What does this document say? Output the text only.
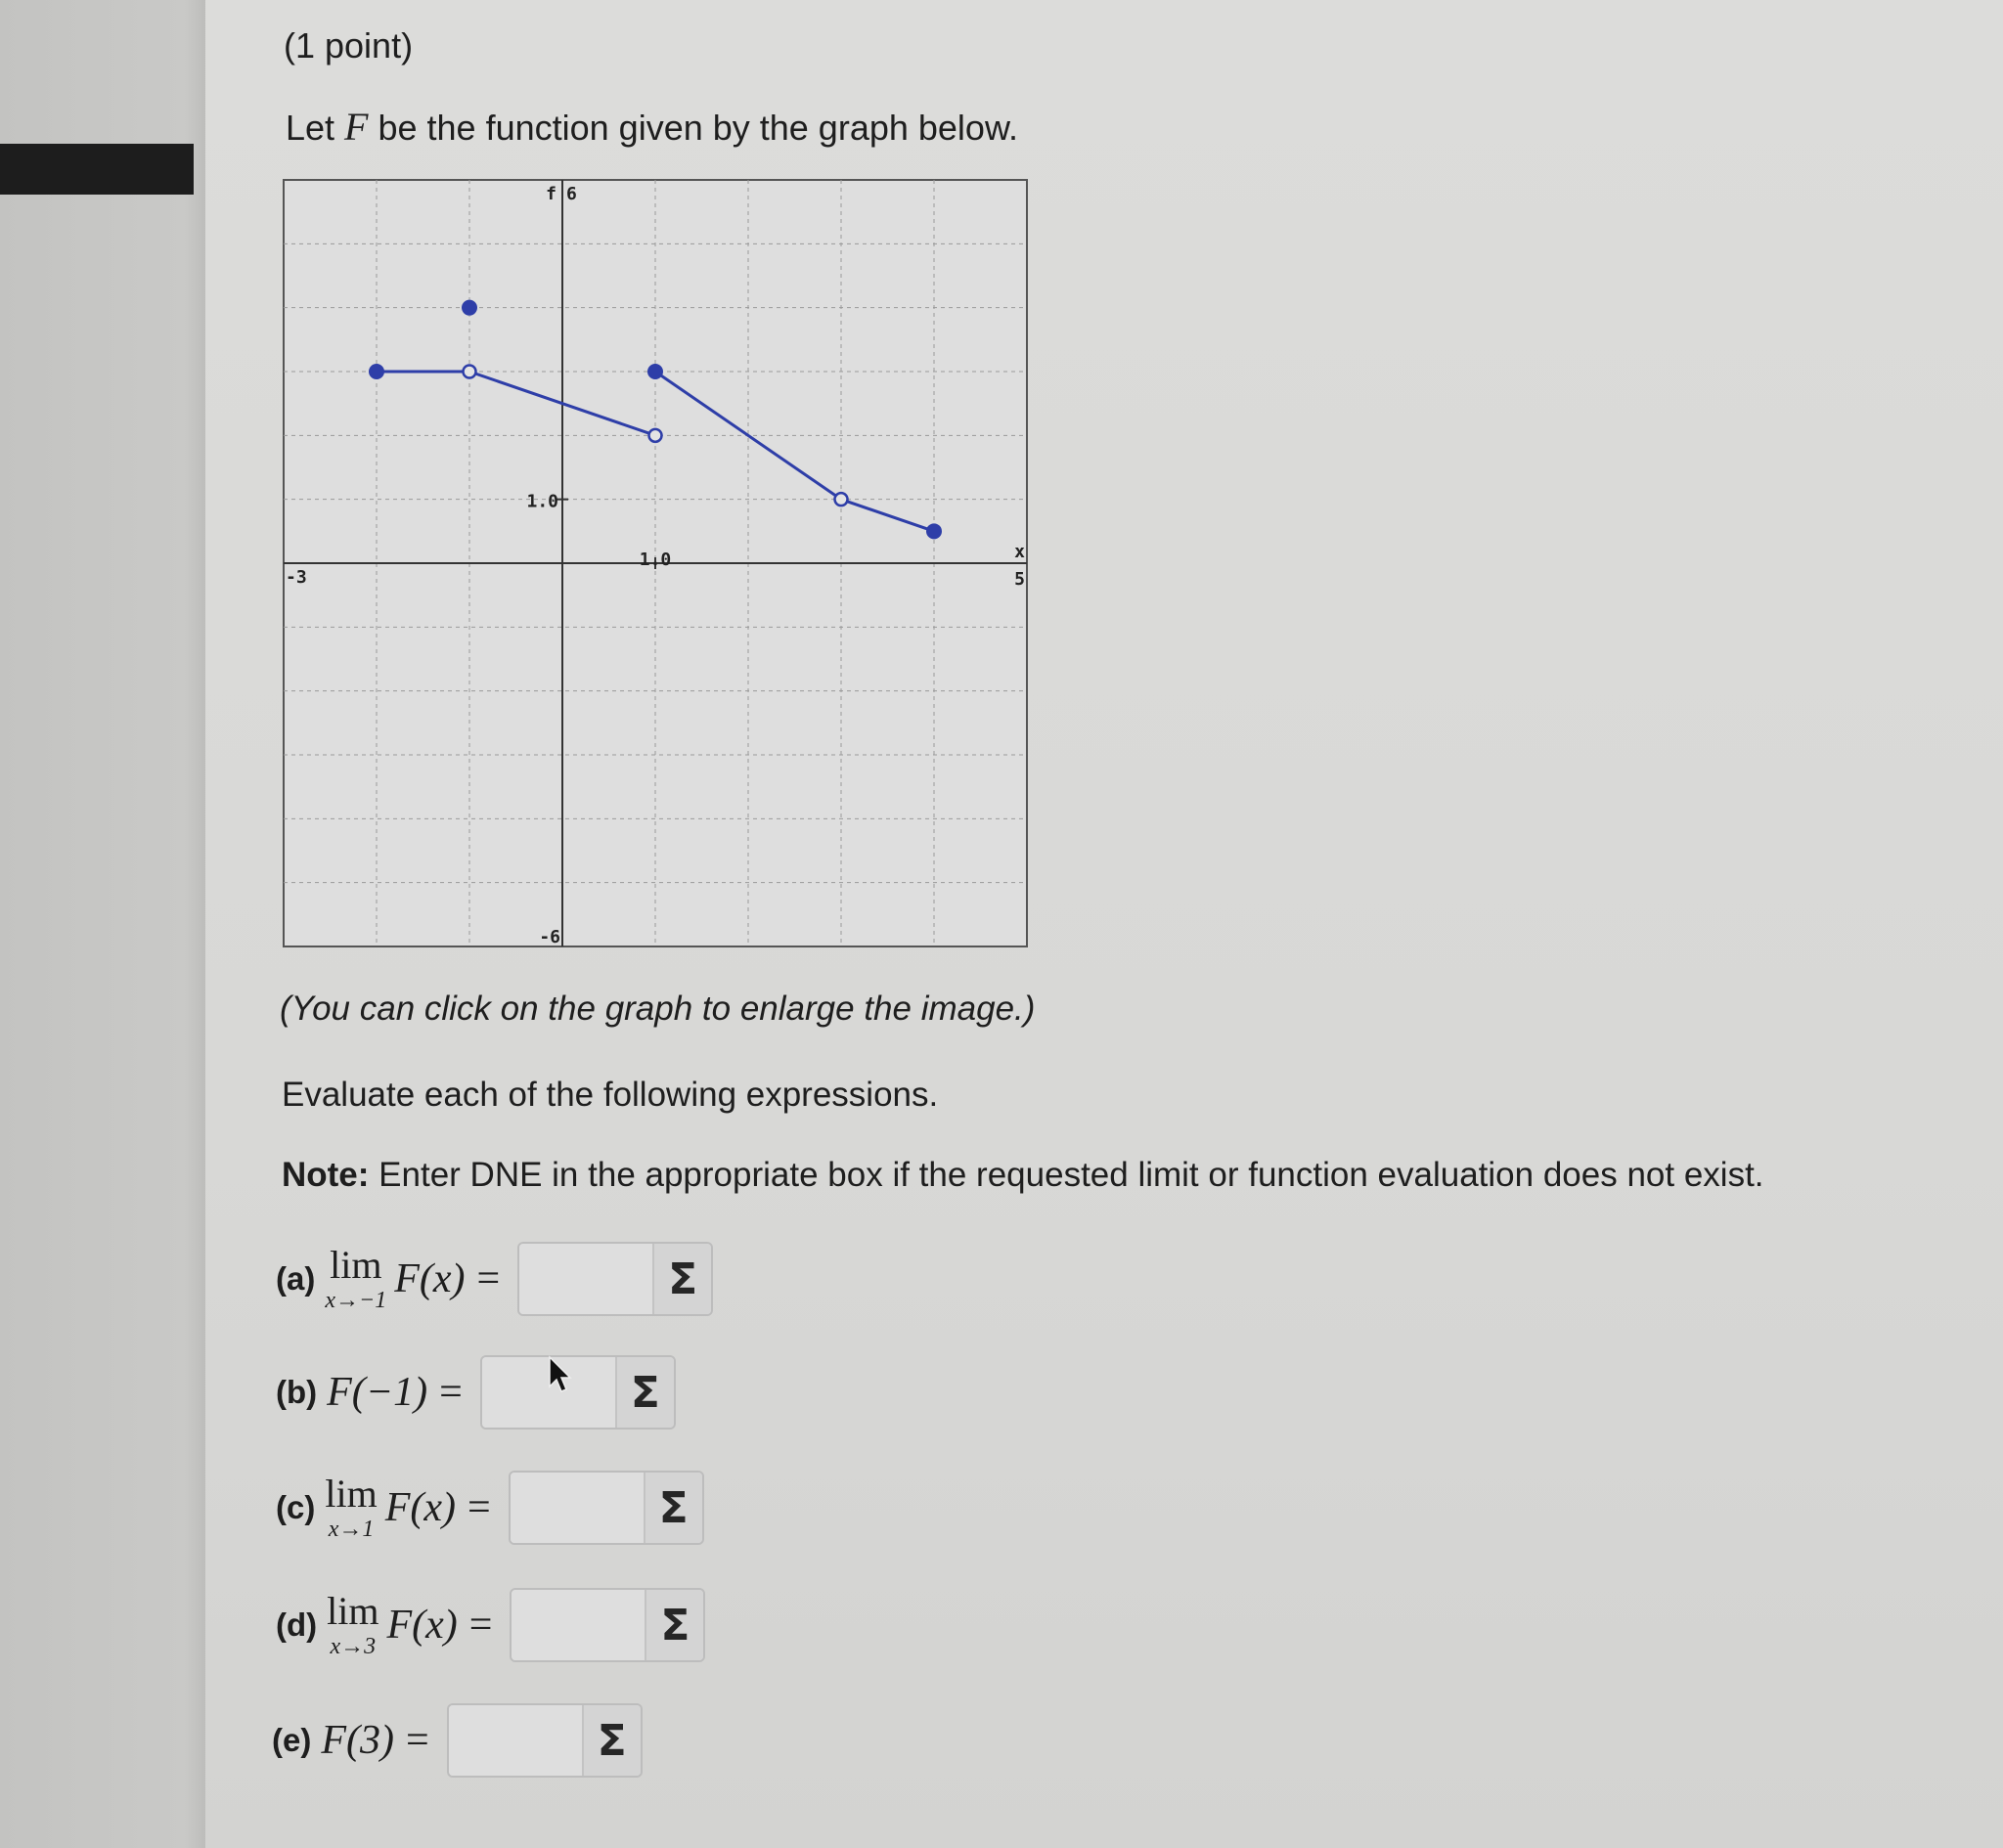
(1 point)
Let F be the function given by the graph below.
-3	5
x
6
f
-6
1.0
1.0
(You can click on the graph to enlarge the image.)
Evaluate each of the following expressions.
Note: Enter DNE in the appropriate box if the requested limit or function evaluation does not exist.
(a) lim
x→−1 F(x) =	Σ
(b) F(−1) =	Σ
(c) lim
x→1 F(x) =	Σ
(d) lim
x→3 F(x) =	Σ
(e) F(3) =	Σ
